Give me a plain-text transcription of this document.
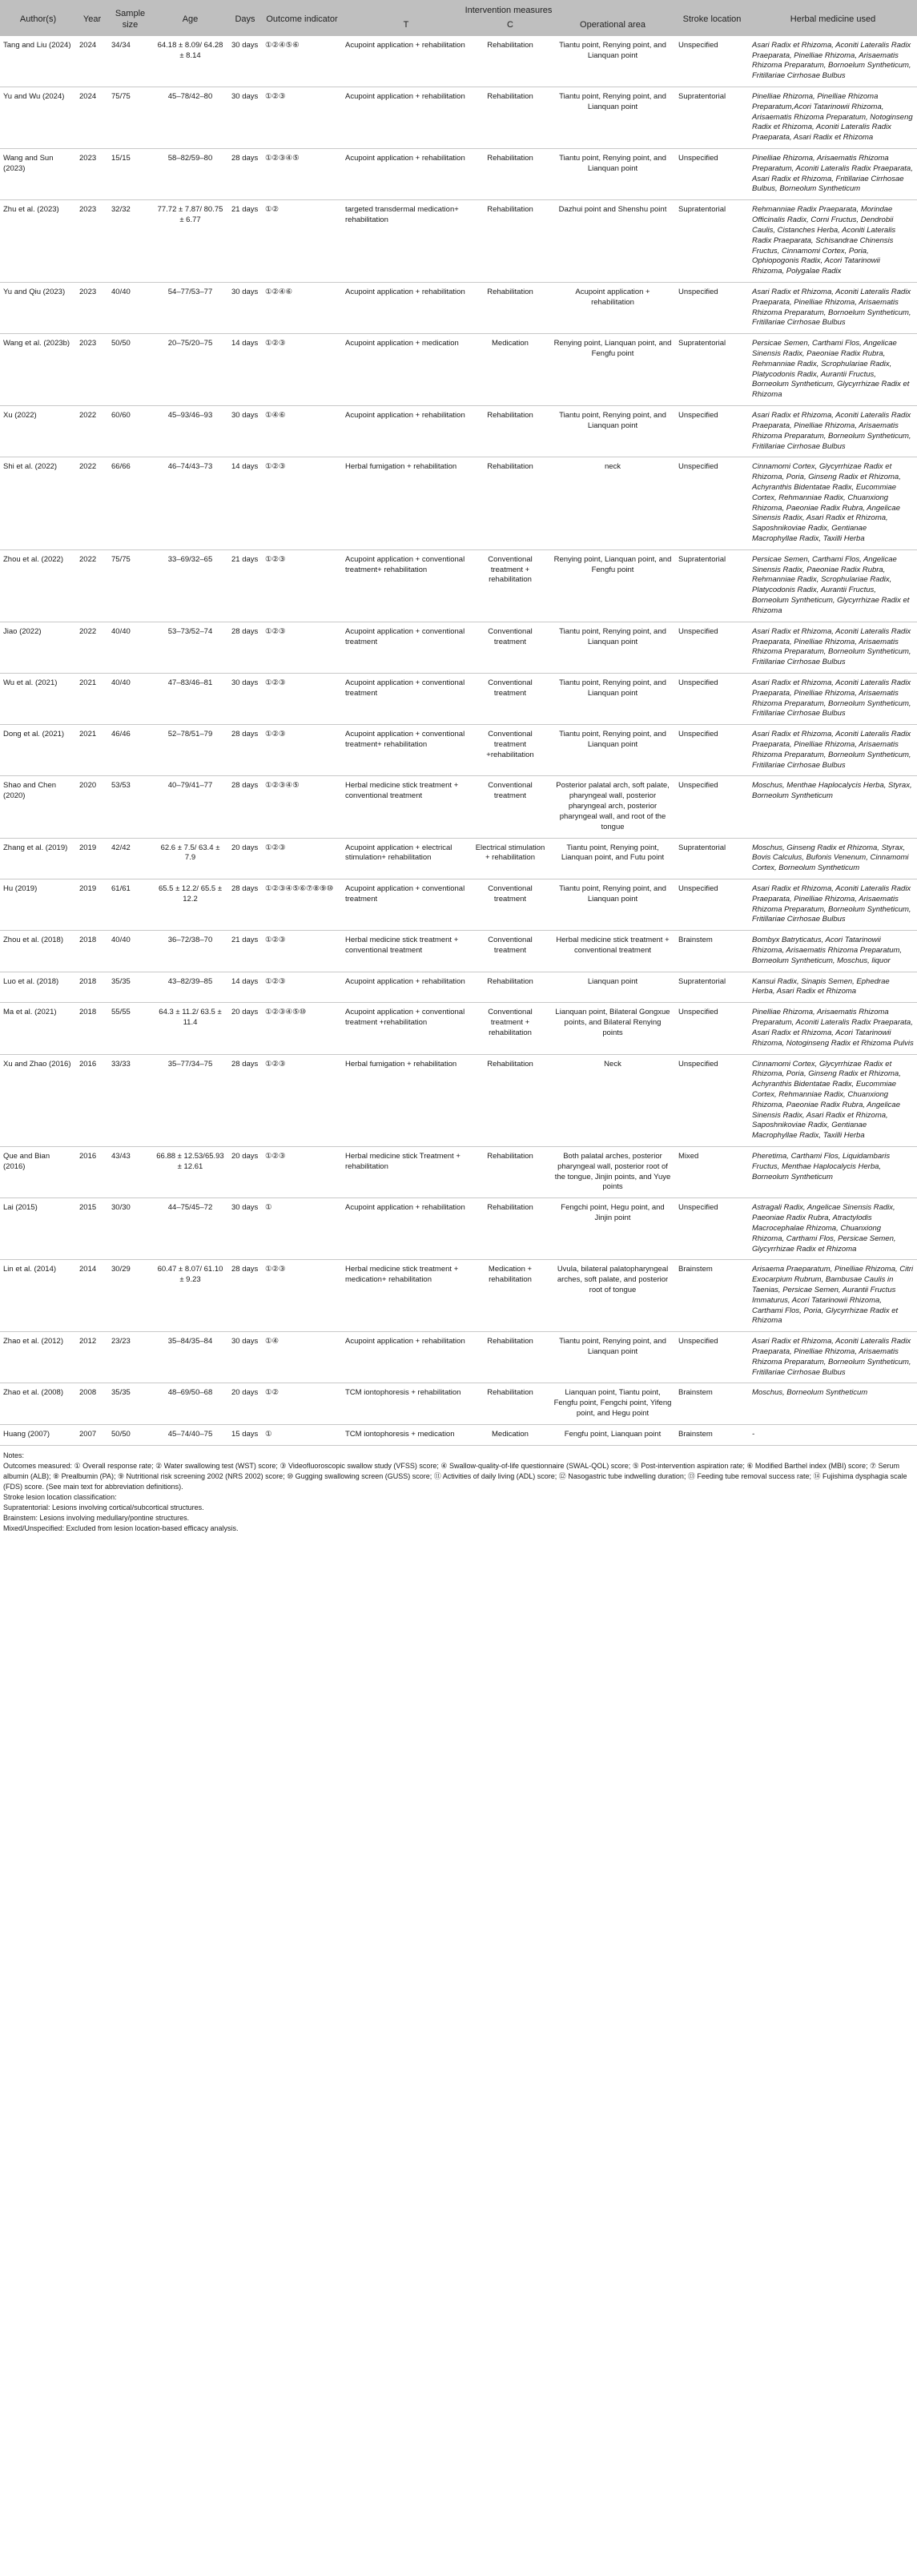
Author(s)	Year	Sample size	Age	Days	Outcome indicator	Intervention measures			Stroke location	Herbal medicine used
						T	C	Operational area		
Tang and Liu (2024)	2024	34/34	64.18 ± 8.09/ 64.28 ± 8.14	30 days	①②④⑤⑥	Acupoint application + rehabilitation	Rehabilitation	Tiantu point, Renying point, and Lianquan point	Unspecified	Asari Radix et Rhizoma, Aconiti Lateralis Radix Praeparata, Pinelliae Rhizoma, Arisaematis Rhizoma Preparatum, Bornoelum Syntheticum, Fritillariae Cirrhosae Bulbus
Yu and Wu (2024)	2024	75/75	45–78/42–80	30 days	①②③	Acupoint application + rehabilitation	Rehabilitation	Tiantu point, Renying point, and Lianquan point	Supratentorial	Pinelliae Rhizoma, Pinelliae Rhizoma Preparatum,Acori Tatarinowii Rhizoma, Arisaematis Rhizoma Preparatum, Notoginseng Radix et Rhizoma, Aconiti Lateralis Radix Praeparata, Asari Radix et Rhizoma
Wang and Sun (2023)	2023	15/15	58–82/59–80	28 days	①②③④⑤	Acupoint application + rehabilitation	Rehabilitation	Tiantu point, Renying point, and Lianquan point	Unspecified	Pinelliae Rhizoma, Arisaematis Rhizoma Preparatum, Aconiti Lateralis Radix Praeparata, Asari Radix et Rhizoma, Fritillariae Cirrhosae Bulbus, Borneolum Syntheticum
Zhu et al. (2023)	2023	32/32	77.72 ± 7.87/ 80.75 ± 6.77	21 days	①②	targeted transdermal medication+ rehabilitation	Rehabilitation	Dazhui point and Shenshu point	Supratentorial	Rehmanniae Radix Praeparata, Morindae Officinalis Radix, Corni Fructus, Dendrobii Caulis, Cistanches Herba, Aconiti Lateralis Radix Praeparata, Schisandrae Chinensis Fructus, Cinnamomi Cortex, Poria, Ophiopogonis Radix, Acori Tatarinowii Rhizoma, Polygalae Radix
Yu and Qiu (2023)	2023	40/40	54–77/53–77	30 days	①②④⑥	Acupoint application + rehabilitation	Rehabilitation	Acupoint application + rehabilitation	Unspecified	Asari Radix et Rhizoma, Aconiti Lateralis Radix Praeparata, Pinelliae Rhizoma, Arisaematis Rhizoma Preparatum, Bornoelum Syntheticum, Fritillariae Cirrhosae Bulbus
Wang et al. (2023b)	2023	50/50	20–75/20–75	14 days	①②③	Acupoint application + medication	Medication	Renying point, Lianquan point, and Fengfu point	Supratentorial	Persicae Semen, Carthami Flos, Angelicae Sinensis Radix, Paeoniae Radix Rubra, Rehmanniae Radix, Scrophulariae Radix, Platycodonis Radix, Aurantii Fructus, Borneolum Syntheticum, Glycyrrhizae Radix et Rhizoma
Xu (2022)	2022	60/60	45–93/46–93	30 days	①④⑥	Acupoint application + rehabilitation	Rehabilitation	Tiantu point, Renying point, and Lianquan point	Unspecified	Asari Radix et Rhizoma, Aconiti Lateralis Radix Praeparata, Pinelliae Rhizoma, Arisaematis Rhizoma Preparatum, Borneolum Syntheticum, Fritillariae Cirrhosae Bulbus
Shi et al. (2022)	2022	66/66	46–74/43–73	14 days	①②③	Herbal fumigation + rehabilitation	Rehabilitation	neck	Unspecified	Cinnamomi Cortex, Glycyrrhizae Radix et Rhizoma, Poria, Ginseng Radix et Rhizoma, Achyranthis Bidentatae Radix, Eucommiae Cortex, Rehmanniae Radix, Chuanxiong Rhizoma, Paeoniae Radix Rubra, Angelicae Sinensis Radix, Asari Radix et Rhizoma, Saposhnikoviae Radix, Gentianae Macrophyllae Radix, Taxilli Herba
Zhou et al. (2022)	2022	75/75	33–69/32–65	21 days	①②③	Acupoint application + conventional treatment+ rehabilitation	Conventional treatment + rehabilitation	Renying point, Lianquan point, and Fengfu point	Supratentorial	Persicae Semen, Carthami Flos, Angelicae Sinensis Radix, Paeoniae Radix Rubra, Rehmanniae Radix, Scrophulariae Radix, Platycodonis Radix, Aurantii Fructus, Borneolum Syntheticum, Glycyrrhizae Radix et Rhizoma
Jiao (2022)	2022	40/40	53–73/52–74	28 days	①②③	Acupoint application + conventional treatment	Conventional treatment	Tiantu point, Renying point, and Lianquan point	Unspecified	Asari Radix et Rhizoma, Aconiti Lateralis Radix Praeparata, Pinelliae Rhizoma, Arisaematis Rhizoma Preparatum, Borneolum Syntheticum, Fritillariae Cirrhosae Bulbus
Wu et al. (2021)	2021	40/40	47–83/46–81	30 days	①②③	Acupoint application + conventional treatment	Conventional treatment	Tiantu point, Renying point, and Lianquan point	Unspecified	Asari Radix et Rhizoma, Aconiti Lateralis Radix Praeparata, Pinelliae Rhizoma, Arisaematis Rhizoma Preparatum, Borneolum Syntheticum, Fritillariae Cirrhosae Bulbus
Dong et al. (2021)	2021	46/46	52–78/51–79	28 days	①②③	Acupoint application + conventional treatment+ rehabilitation	Conventional treatment +rehabilitation	Tiantu point, Renying point, and Lianquan point	Unspecified	Asari Radix et Rhizoma, Aconiti Lateralis Radix Praeparata, Pinelliae Rhizoma, Arisaematis Rhizoma Preparatum, Borneolum Syntheticum, Fritillariae Cirrhosae Bulbus
Shao and Chen (2020)	2020	53/53	40–79/41–77	28 days	①②③④⑤	Herbal medicine stick treatment + conventional treatment	Conventional treatment	Posterior palatal arch, soft palate, pharyngeal wall, posterior pharyngeal arch, posterior pharyngeal wall, and root of the tongue	Unspecified	Moschus, Menthae Haplocalycis Herba, Styrax, Borneolum Syntheticum
Zhang et al. (2019)	2019	42/42	62.6 ± 7.5/ 63.4 ± 7.9	20 days	①②③	Acupoint application + electrical stimulation+ rehabilitation	Electrical stimulation + rehabilitation	Tiantu point, Renying point, Lianquan point, and Futu point	Supratentorial	Moschus, Ginseng Radix et Rhizoma, Styrax, Bovis Calculus, Bufonis Venenum, Cinnamomi Cortex, Borneolum Syntheticum
Hu (2019)	2019	61/61	65.5 ± 12.2/ 65.5 ± 12.2	28 days	①②③④⑤⑥⑦⑧⑨⑩	Acupoint application + conventional treatment	Conventional treatment	Tiantu point, Renying point, and Lianquan point	Unspecified	Asari Radix et Rhizoma, Aconiti Lateralis Radix Praeparata, Pinelliae Rhizoma, Arisaematis Rhizoma Preparatum, Borneolum Syntheticum, Fritillariae Cirrhosae Bulbus
Zhou et al. (2018)	2018	40/40	36–72/38–70	21 days	①②③	Herbal medicine stick treatment + conventional treatment	Conventional treatment	Herbal medicine stick treatment + conventional treatment	Brainstem	Bombyx Batryticatus, Acori Tatarinowii Rhizoma, Arisaematis Rhizoma Preparatum, Borneolum Syntheticum, Moschus, liquor
Luo et al. (2018)	2018	35/35	43–82/39–85	14 days	①②③	Acupoint application + rehabilitation	Rehabilitation	Lianquan point	Supratentorial	Kansui Radix, Sinapis Semen, Ephedrae Herba, Asari Radix et Rhizoma
Ma et al. (2021)	2018	55/55	64.3 ± 11.2/ 63.5 ± 11.4	20 days	①②③④⑤⑩	Acupoint application + conventional treatment +rehabilitation	Conventional treatment + rehabilitation	Lianquan point, Bilateral Gongxue points, and Bilateral Renying points	Unspecified	Pinelliae Rhizoma, Arisaematis Rhizoma Preparatum, Aconiti Lateralis Radix Praeparata, Asari Radix et Rhizoma, Acori Tatarinowii Rhizoma, Notoginseng Radix et Rhizoma Pulvis
Xu and Zhao (2016)	2016	33/33	35–77/34–75	28 days	①②③	Herbal fumigation + rehabilitation	Rehabilitation	Neck	Unspecified	Cinnamomi Cortex, Glycyrrhizae Radix et Rhizoma, Poria, Ginseng Radix et Rhizoma, Achyranthis Bidentatae Radix, Eucommiae Cortex, Rehmanniae Radix, Chuanxiong Rhizoma, Paeoniae Radix Rubra, Angelicae Sinensis Radix, Asari Radix et Rhizoma, Saposhnikoviae Radix, Gentianae Macrophyllae Radix, Taxilli Herba
Que and Bian (2016)	2016	43/43	66.88 ± 12.53/65.93 ± 12.61	20 days	①②③	Herbal medicine stick Treatment + rehabilitation	Rehabilitation	Both palatal arches, posterior pharyngeal wall, posterior root of the tongue, Jinjin points, and Yuye points	Mixed	Pheretima, Carthami Flos, Liquidambaris Fructus, Menthae Haplocalycis Herba, Borneolum Syntheticum
Lai (2015)	2015	30/30	44–75/45–72	30 days	①	Acupoint application + rehabilitation	Rehabilitation	Fengchi point, Hegu point, and Jinjin point	Unspecified	Astragali Radix, Angelicae Sinensis Radix, Paeoniae Radix Rubra, Atractylodis Macrocephalae Rhizoma, Chuanxiong Rhizoma, Carthami Flos, Persicae Semen, Glycyrrhizae Radix et Rhizoma
Lin et al. (2014)	2014	30/29	60.47 ± 8.07/ 61.10 ± 9.23	28 days	①②③	Herbal medicine stick treatment + medication+ rehabilitation	Medication + rehabilitation	Uvula, bilateral palatopharyngeal arches, soft palate, and posterior root of tongue	Brainstem	Arisaema Praeparatum, Pinelliae Rhizoma, Citri Exocarpium Rubrum, Bambusae Caulis in Taenias, Persicae Semen, Aurantii Fructus Immaturus, Acori Tatarinowii Rhizoma, Carthami Flos, Poria, Glycyrrhizae Radix et Rhizoma
Zhao et al. (2012)	2012	23/23	35–84/35–84	30 days	①④	Acupoint application + rehabilitation	Rehabilitation	Tiantu point, Renying point, and Lianquan point	Unspecified	Asari Radix et Rhizoma, Aconiti Lateralis Radix Praeparata, Pinelliae Rhizoma, Arisaematis Rhizoma Preparatum, Borneolum Syntheticum, Fritillariae Cirrhosae Bulbus
Zhao et al. (2008)	2008	35/35	48–69/50–68	20 days	①②	TCM iontophoresis + rehabilitation	Rehabilitation	Lianquan point, Tiantu point, Fengfu point, Fengchi point, Yifeng point, and Hegu point	Brainstem	Moschus, Borneolum Syntheticum
Huang (2007)	2007	50/50	45–74/40–75	15 days	①	TCM iontophoresis + medication	Medication	Fengfu point, Lianquan point	Brainstem	-
Notes:
Outcomes measured: ① Overall response rate; ② Water swallowing test (WST) score; ③ Videofluoroscopic swallow study (VFSS) score; ④ Swallow-quality-of-life questionnaire (SWAL-QOL) score; ⑤ Post-intervention aspiration rate; ⑥ Modified Barthel index (MBI) score; ⑦ Serum albumin (ALB); ⑧ Prealbumin (PA); ⑨ Nutritional risk screening 2002 (NRS 2002) score; ⑩ Gugging swallowing screen (GUSS) score; ⑪ Activities of daily living (ADL) score; ⑫ Nasogastric tube indwelling duration; ⑬ Feeding tube removal success rate; ⑭ Fujishima dysphagia scale (FDS) score. (See main text for abbreviation definitions).
Stroke lesion location classification:
Supratentorial: Lesions involving cortical/subcortical structures.
Brainstem: Lesions involving medullary/pontine structures.
Mixed/Unspecified: Excluded from lesion location-based efficacy analysis.
